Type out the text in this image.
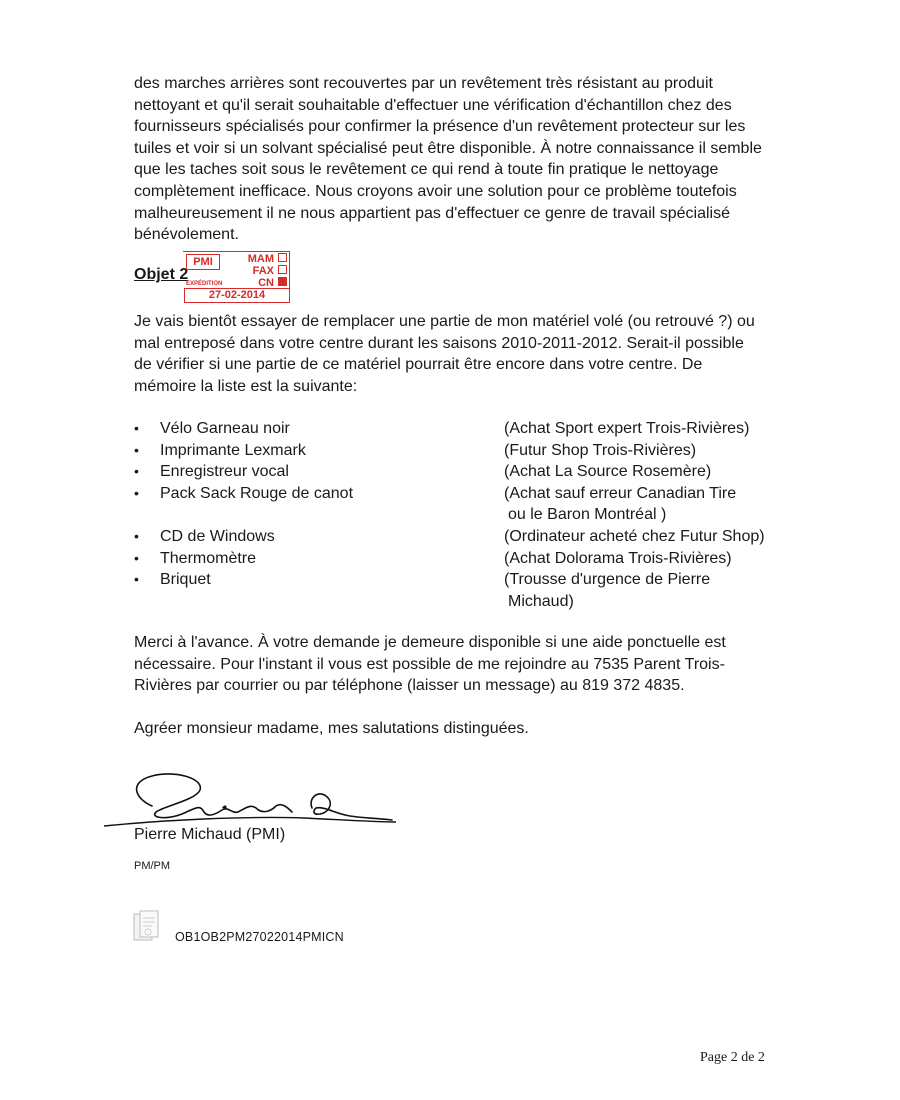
des marches arrières sont recouvertes par un revêtement très résistant au produit
nettoyant et qu'il serait souhaitable d'effectuer une vérification d'échantillon chez des
fournisseurs spécialisés pour confirmer la présence d'un revêtement protecteur sur les
tuiles et voir si un solvant spécialisé peut être disponible. À notre connaissance il semble
que les taches soit sous le revêtement ce qui rend à toute fin pratique le nettoyage
complètement inefficace. Nous croyons avoir une solution pour ce problème toutefois
malheureusement il ne nous appartient pas d'effectuer ce genre de travail spécialisé
bénévolement.

Objet 2

PMI	MAM
FAX
CN
EXPÉDITION
27-02-2014
Je vais bientôt essayer de remplacer une partie de mon matériel volé (ou retrouvé ?) ou
mal entreposé dans votre centre durant les saisons 2010-2011-2012. Serait-il possible
de vérifier si une partie de ce matériel pourrait être encore dans votre centre. De
mémoire la liste est la suivante:
• Vélo Garneau noir	(Achat Sport expert Trois-Rivières)
• Imprimante Lexmark	(Futur Shop Trois-Rivières)
• Enregistreur vocal	(Achat La Source Rosemère)
• Pack Sack Rouge de canot	(Achat sauf erreur Canadian Tire
ou le Baron Montréal )
• CD de Windows	(Ordinateur acheté chez Futur Shop)
• Thermomètre	(Achat Dolorama Trois-Rivières)
• Briquet	(Trousse d'urgence de Pierre
Michaud)
Merci à l'avance. À votre demande je demeure disponible si une aide ponctuelle est
nécessaire. Pour l'instant il vous est possible de me rejoindre au 7535 Parent Trois-
Rivières par courrier ou par téléphone (laisser un message) au 819 372 4835.

Agréer monsieur madame, mes salutations distinguées.

Pierre Michaud (PMI)

PM/PM

OB1OB2PM27022014PMICN

Page 2 de 2
